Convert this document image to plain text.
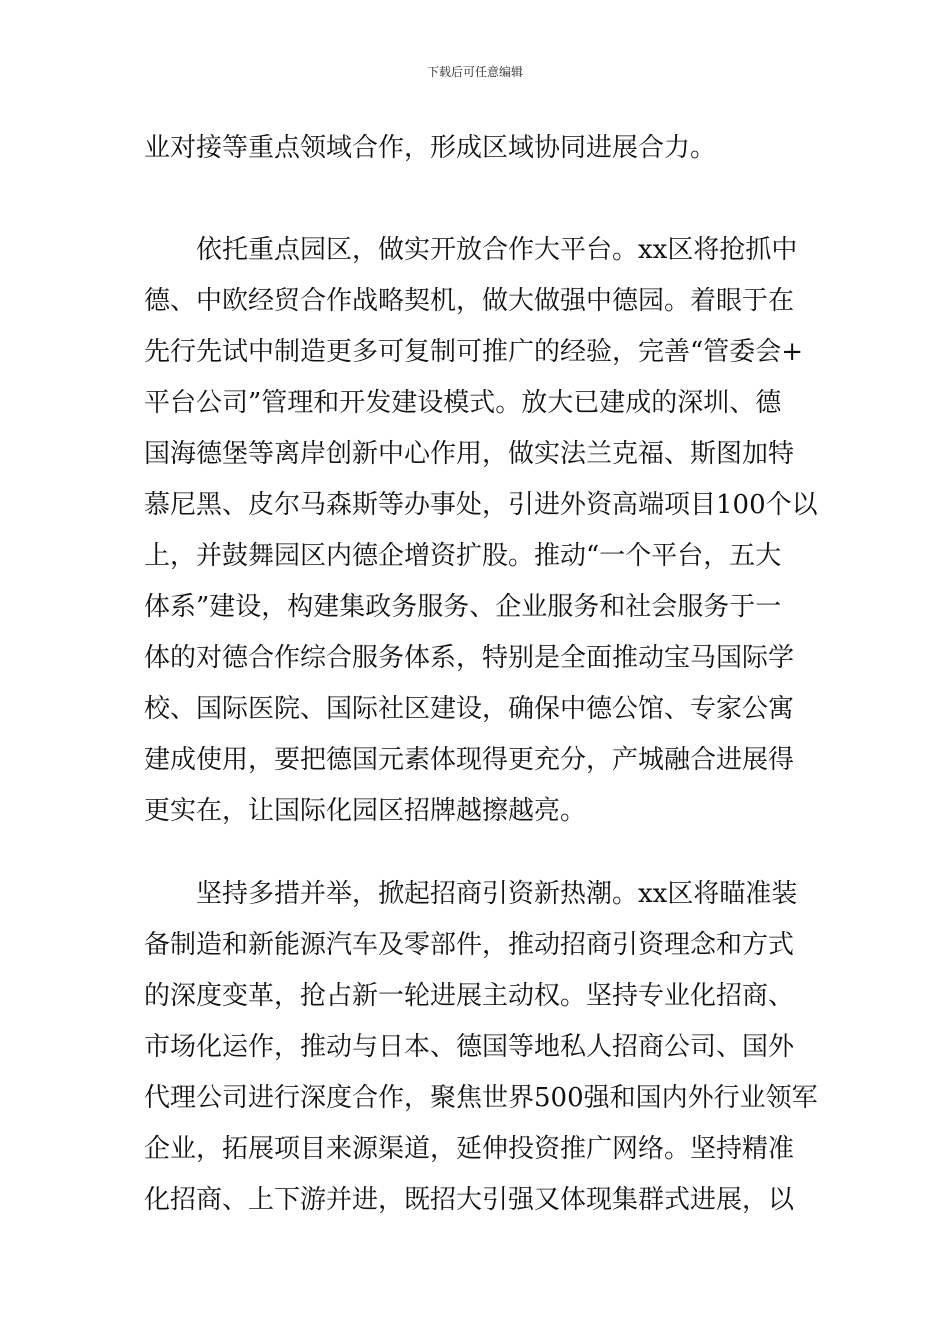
下载后可任意编辑
业对接等重点领域合作，形成区域协同进展合力。
依托重点园区，做实开放合作大平台。xx区将抢抓中
德、中欧经贸合作战略契机，做大做强中德园。着眼于在
先行先试中制造更多可复制可推广的经验，完善“管委会+
平台公司”管理和开发建设模式。放大已建成的深圳、德
国海德堡等离岸创新中心作用，做实法兰克福、斯图加特
慕尼黑、皮尔马森斯等办事处，引进外资高端项目100个以
上，并鼓舞园区内德企增资扩股。推动“一个平台，五大
体系”建设，构建集政务服务、企业服务和社会服务于一
体的对德合作综合服务体系，特别是全面推动宝马国际学
校、国际医院、国际社区建设，确保中德公馆、专家公寓
建成使用，要把德国元素体现得更充分，产城融合进展得
更实在，让国际化园区招牌越擦越亮。
坚持多措并举，掀起招商引资新热潮。xx区将瞄准装
备制造和新能源汽车及零部件，推动招商引资理念和方式
的深度变革，抢占新一轮进展主动权。坚持专业化招商、
市场化运作，推动与日本、德国等地私人招商公司、国外
代理公司进行深度合作，聚焦世界500强和国内外行业领军
企业，拓展项目来源渠道，延伸投资推广网络。坚持精准
化招商、上下游并进，既招大引强又体现集群式进展，以
